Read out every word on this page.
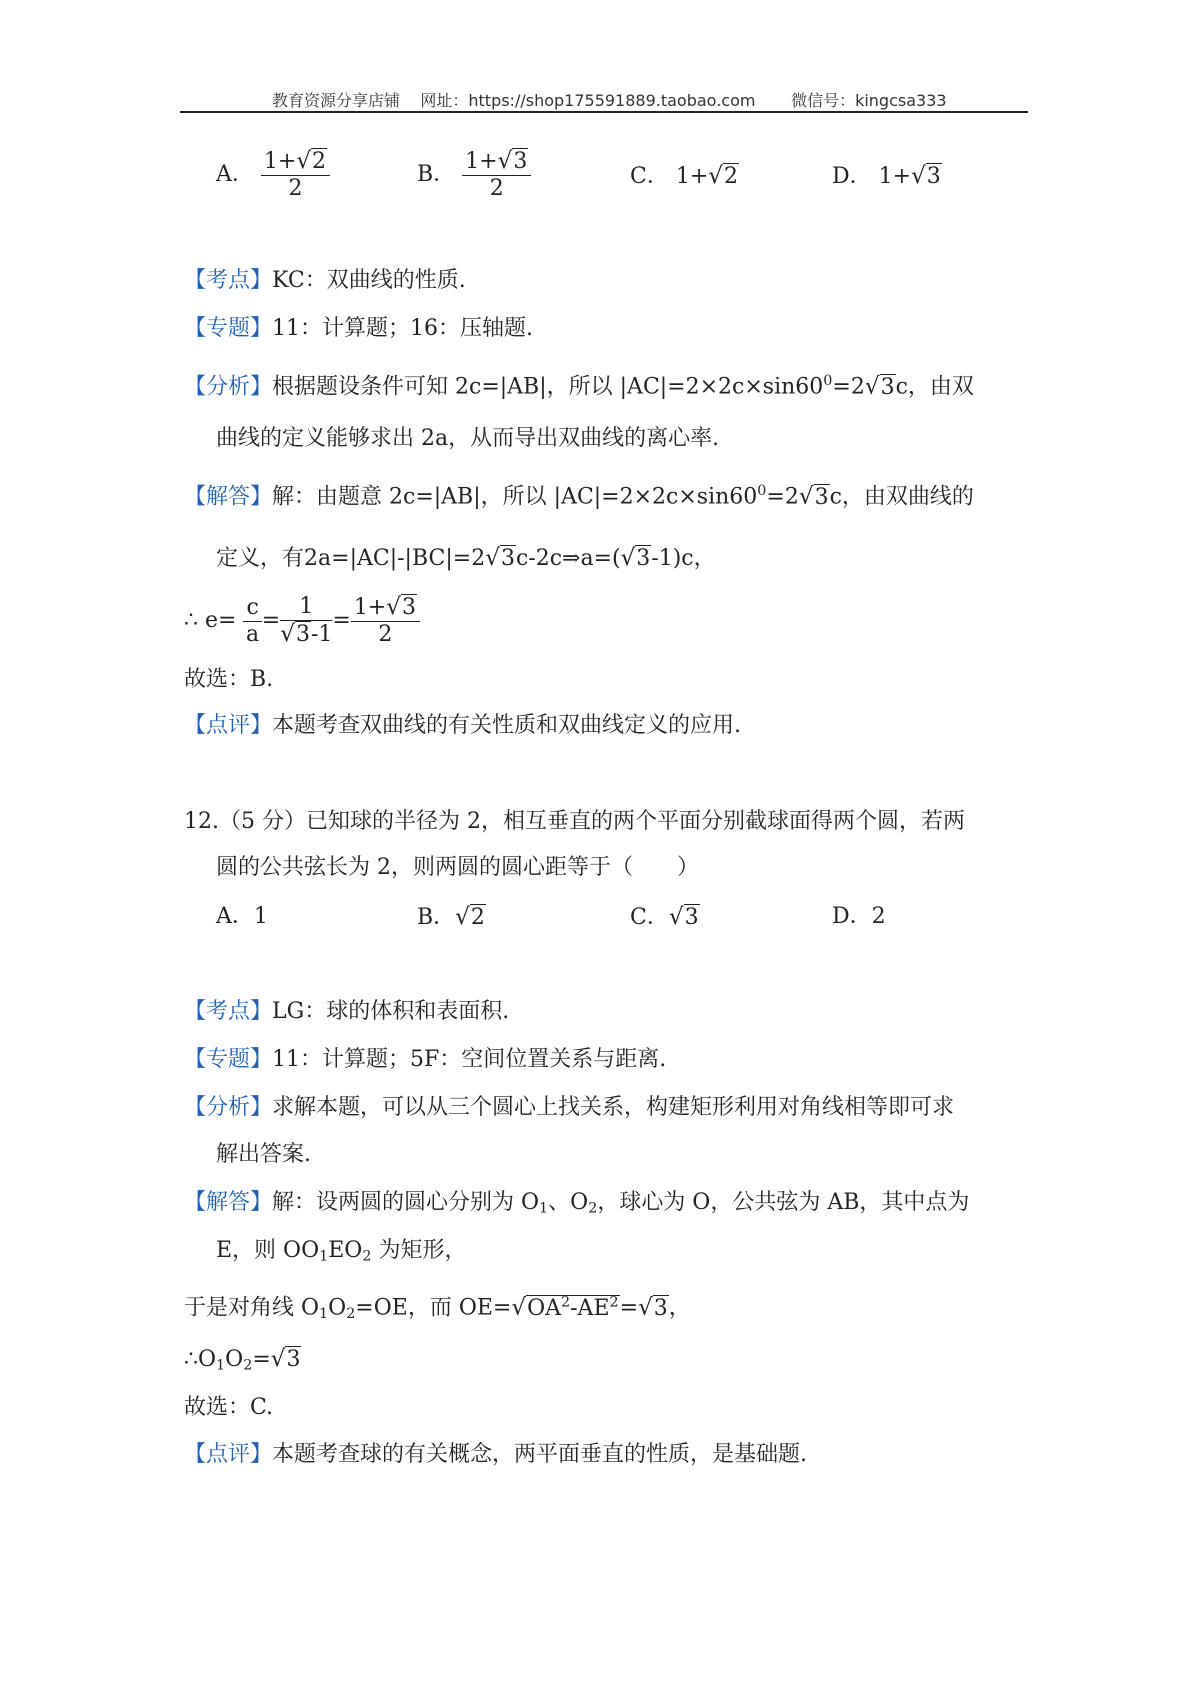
教育资源分享店铺 网址：https://shop175591889.taobao.com 微信号：kingcsa333
A． $\frac{1+√2}{2}$	B． $\frac{1+√3}{2}$	C． 1+√2	D． 1+√3
【考点】KC：双曲线的性质.
【专题】11：计算题；16：压轴题.
【分析】根据题设条件可知 2c=|AB|，所以 $|AC|=2\times 2c\times\sin 60^0=2√3c$，由双
曲线的定义能够求出 2a，从而导出双曲线的离心率.
【解答】解：由题意 2c=|AB|，所以 $|AC|=2\times 2c\times\sin 60^0=2√3c$，由双曲线的
定义，有2a=|AC|-|BC|=2√3c-2c⇒a=(√3-1)c，
∴ $e= \frac{c}{a} = \frac{1}{√3-1} = \frac{1+√3}{2}$
故选：B.
【点评】本题考查双曲线的有关性质和双曲线定义的应用.
12.（5 分）已知球的半径为 2，相互垂直的两个平面分别截球面得两个圆，若两
圆的公共弦长为 2，则两圆的圆心距等于（　　）
A．1	B．√2	C．√3	D．2
【考点】LG：球的体积和表面积.
【专题】11：计算题；5F：空间位置关系与距离.
【分析】求解本题，可以从三个圆心上找关系，构建矩形利用对角线相等即可求
解出答案.
【解答】解：设两圆的圆心分别为 $O_1$、$O_2$，球心为 O，公共弦为 AB，其中点为
E，则 $OO_1EO_2$ 为矩形，
于是对角线 $O_1O_2=OE$，而 $OE=√OA^2-AE^2=√3$，
$\therefore O_1O_2=√3$
故选：C.
【点评】本题考查球的有关概念，两平面垂直的性质，是基础题.
